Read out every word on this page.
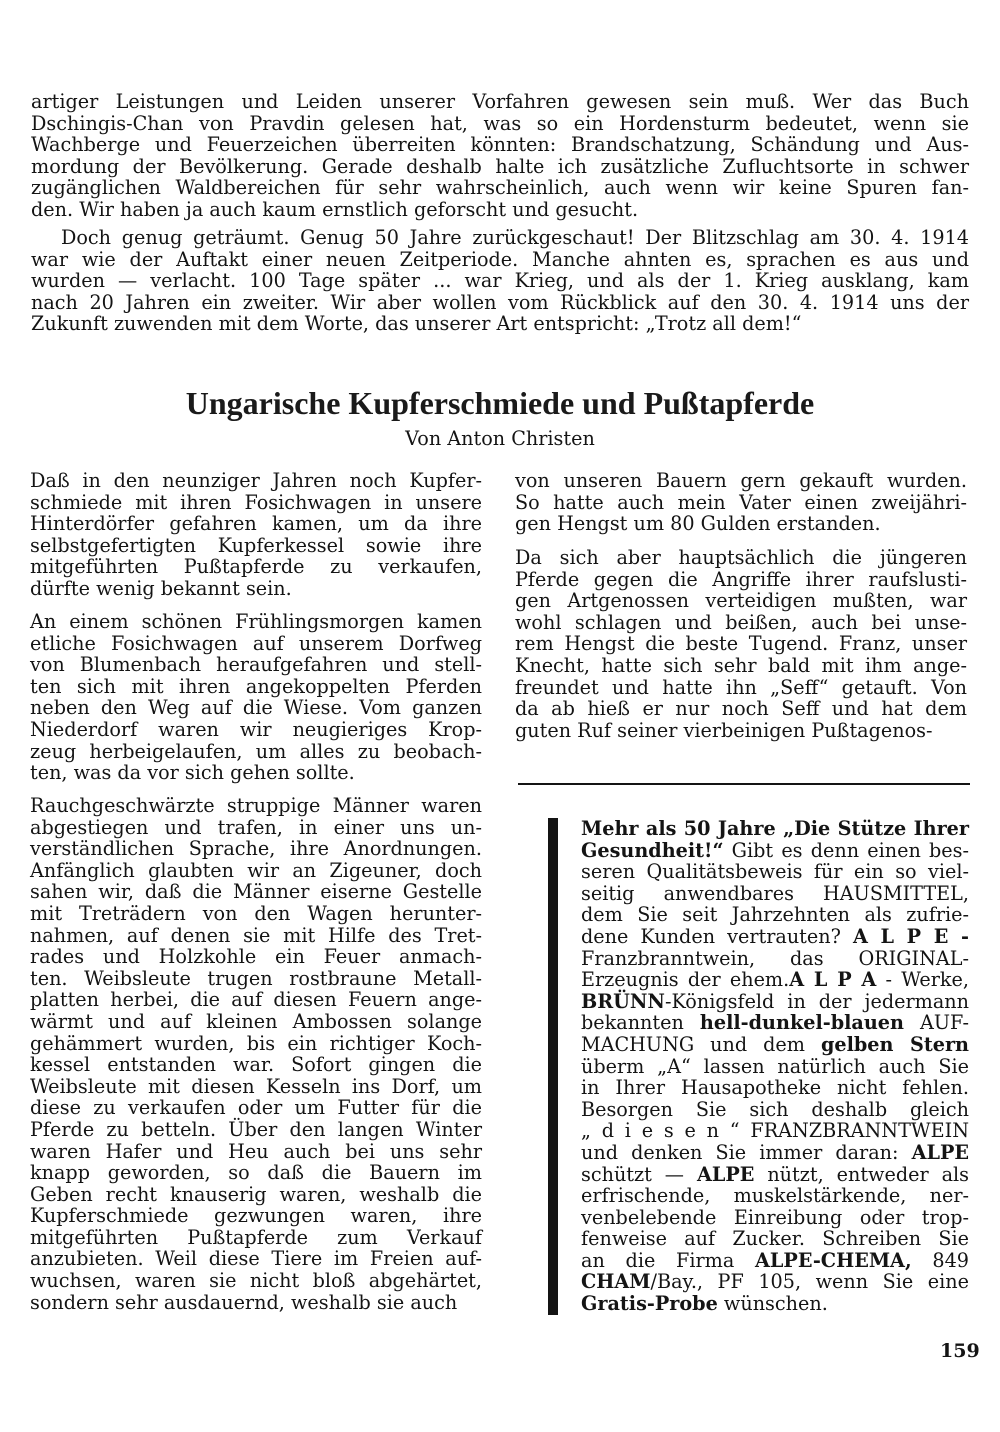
artiger Leistungen und Leiden unserer Vorfahren gewesen sein muß. Wer das Buch
Dschingis-Chan von Pravdin gelesen hat, was so ein Hordensturm bedeutet, wenn sie
Wachberge und Feuerzeichen überreiten könnten: Brandschatzung, Schändung und Aus-
mordung der Bevölkerung. Gerade deshalb halte ich zusätzliche Zufluchtsorte in schwer
zugänglichen Waldbereichen für sehr wahrscheinlich, auch wenn wir keine Spuren fan-
den. Wir haben ja auch kaum ernstlich geforscht und gesucht.

Doch genug geträumt. Genug 50 Jahre zurückgeschaut! Der Blitzschlag am 30. 4. 1914
war wie der Auftakt einer neuen Zeitperiode. Manche ahnten es, sprachen es aus und
wurden — verlacht. 100 Tage später ... war Krieg, und als der 1. Krieg ausklang, kam
nach 20 Jahren ein zweiter. Wir aber wollen vom Rückblick auf den 30. 4. 1914 uns der
Zukunft zuwenden mit dem Worte, das unserer Art entspricht: „Trotz all dem!“

Ungarische Kupferschmiede und Pußtapferde

Von Anton Christen

Daß in den neunziger Jahren noch Kupfer-
schmiede mit ihren Fosichwagen in unsere
Hinterdörfer gefahren kamen, um da ihre
selbstgefertigten Kupferkessel sowie ihre
mitgeführten Pußtapferde zu verkaufen,
dürfte wenig bekannt sein.

An einem schönen Frühlingsmorgen kamen
etliche Fosichwagen auf unserem Dorfweg
von Blumenbach heraufgefahren und stell-
ten sich mit ihren angekoppelten Pferden
neben den Weg auf die Wiese. Vom ganzen
Niederdorf waren wir neugieriges Krop-
zeug herbeigelaufen, um alles zu beobach-
ten, was da vor sich gehen sollte.

Rauchgeschwärzte struppige Männer waren
abgestiegen und trafen, in einer uns un-
verständlichen Sprache, ihre Anordnungen.
Anfänglich glaubten wir an Zigeuner, doch
sahen wir, daß die Männer eiserne Gestelle
mit Treträdern von den Wagen herunter-
nahmen, auf denen sie mit Hilfe des Tret-
rades und Holzkohle ein Feuer anmach-
ten. Weibsleute trugen rostbraune Metall-
platten herbei, die auf diesen Feuern ange-
wärmt und auf kleinen Ambossen solange
gehämmert wurden, bis ein richtiger Koch-
kessel entstanden war. Sofort gingen die
Weibsleute mit diesen Kesseln ins Dorf, um
diese zu verkaufen oder um Futter für die
Pferde zu betteln. Über den langen Winter
waren Hafer und Heu auch bei uns sehr
knapp geworden, so daß die Bauern im
Geben recht knauserig waren, weshalb die
Kupferschmiede gezwungen waren, ihre
mitgeführten Pußtapferde zum Verkauf
anzubieten. Weil diese Tiere im Freien auf-
wuchsen, waren sie nicht bloß abgehärtet,
sondern sehr ausdauernd, weshalb sie auch

von unseren Bauern gern gekauft wurden.
So hatte auch mein Vater einen zweijähri-
gen Hengst um 80 Gulden erstanden.

Da sich aber hauptsächlich die jüngeren
Pferde gegen die Angriffe ihrer raufslusti-
gen Artgenossen verteidigen mußten, war
wohl schlagen und beißen, auch bei unse-
rem Hengst die beste Tugend. Franz, unser
Knecht, hatte sich sehr bald mit ihm ange-
freundet und hatte ihn „Seff“ getauft. Von
da ab hieß er nur noch Seff und hat dem
guten Ruf seiner vierbeinigen Pußtagenos-

Mehr als 50 Jahre „Die Stütze Ihrer
Gesundheit!“ Gibt es denn einen bes-
seren Qualitätsbeweis für ein so viel-
seitig anwendbares HAUSMITTEL,
dem Sie seit Jahrzehnten als zufrie-
dene Kunden vertrauten? A L P E -
Franzbranntwein, das ORIGINAL-
Erzeugnis der ehem.A L P A - Werke,
BRÜNN-Königsfeld in der jedermann
bekannten hell-dunkel-blauen AUF-
MACHUNG und dem gelben Stern
überm „A“ lassen natürlich auch Sie
in Ihrer Hausapotheke nicht fehlen.
Besorgen Sie sich deshalb gleich
„ d i e s e n “ FRANZBRANNTWEIN
und denken Sie immer daran: ALPE
schützt — ALPE nützt, entweder als
erfrischende, muskelstärkende, ner-
venbelebende Einreibung oder trop-
fenweise auf Zucker. Schreiben Sie
an die Firma ALPE-CHEMA, 849
CHAM/Bay., PF 105, wenn Sie eine
Gratis-Probe wünschen.

159
